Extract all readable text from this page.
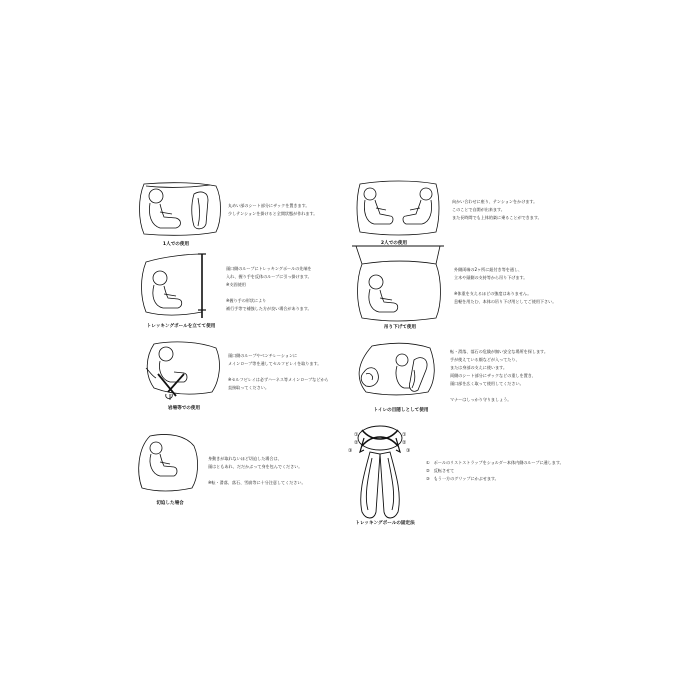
1人での使用
丸めい部のシート部分にザックを置きます。
少しテンションを掛けると全開状態が作れます。
2人での使用
向かい合わせに座り、テンションをかけます。
このことで自開が出来ます。
また長時間でも上体的楽に乗ることができます。
トレッキングポールを立てて使用
頭口側のループにトレッキングポールの先端を
入れ、握り手を反体のループに引っ掛けます。
※支固使用

※握り手の形状により
補行手等で補強した方が良い場合があります。
吊り下げて使用
外側両端の2ヶ所に紐付き等を通し、
立木や頭側の支持等から吊り下げます。

※体重を支えるほどの強度はありません。
息軽を用たむ、本体の吊り下げ用としてご使用下さい。
岩場等での使用
頭口側のループやベンチレーションに
メインロープ等を通してセルフビレイを取ります。

※セルフビレイは必ずハーネス等メインロープなどから
直接取ってください。
トイレの目隠しとして使用
転・滑落、落石の危険が無い安全な場所を探します。
手が使えている顔などが入ってたり、
または身部の支えに使います。
両側のシート部分にザックなどの重しを置き、
頭口部を広く取って使用してください。

マナーはしっかり守りましょう。
切迫した場合
身動きが取れないほど切迫した場合は、
頭はともあれ、だだかぶって身を包んでください。

※転・滑落、落石、雪崩等に十分注意してください。
①
②
③
①
②
③
トレッキングポールの固定法
①　ポールのリストストラップをショルダー本体内側のループに通します。
②　反転させて
③　もう一方のグリップにかぶせます。
